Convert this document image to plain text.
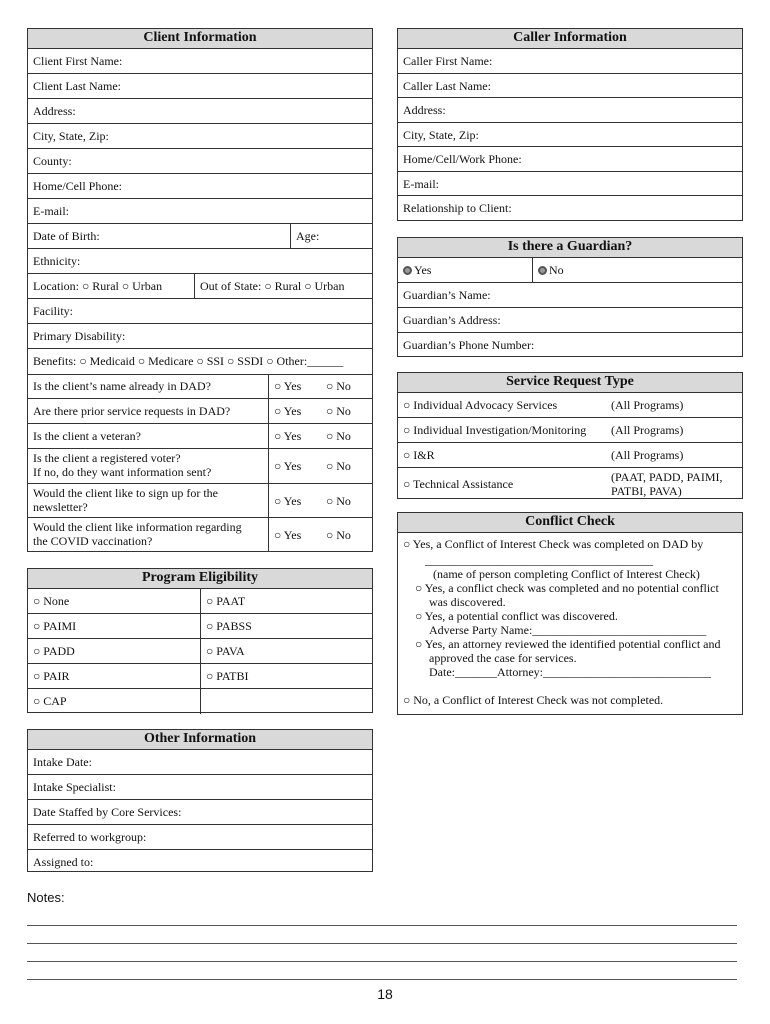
Client Information
Client First Name:
Client Last Name:
Address:
City, State, Zip:
County:
Home/Cell Phone:
E-mail:
Date of Birth:	Age:
Ethnicity:
Location: ○ Rural ○ Urban	Out of State: ○ Rural ○ Urban
Facility:
Primary Disability:
Benefits: ○ Medicaid ○ Medicare ○ SSI ○ SSDI ○ Other:______
Is the client’s name already in DAD?	○ Yes ○ No
Are there prior service requests in DAD?	○ Yes ○ No
Is the client a veteran?	○ Yes ○ No
Is the client a registered voter?
If no, do they want information sent?	○ Yes ○ No
Would the client like to sign up for the
newsletter?	○ Yes ○ No
Would the client like information regarding
the COVID vaccination?	○ Yes ○ No
Program Eligibility
○ None	○ PAAT
○ PAIMI	○ PABSS
○ PADD	○ PAVA
○ PAIR	○ PATBI
○ CAP
Other Information
Intake Date:
Intake Specialist:
Date Staffed by Core Services:
Referred to workgroup:
Assigned to:
Caller Information
Caller First Name:
Caller Last Name:
Address:
City, State, Zip:
Home/Cell/Work Phone:
E-mail:
Relationship to Client:
Is there a Guardian?
Yes	No
Guardian’s Name:
Guardian’s Address:
Guardian’s Phone Number:
Service Request Type
○ Individual Advocacy Services	(All Programs)
○ Individual Investigation/Monitoring (All Programs)
○ I&R	(All Programs)
○ Technical Assistance	(PAAT, PADD, PAIMI,
PATBI, PAVA)
Conflict Check

○ Yes, a Conflict of Interest Check was completed on DAD by

______________________________________

(name of person completing Conflict of Interest Check)

○ Yes, a conflict check was completed and no potential conflict

was discovered.

○ Yes, a potential conflict was discovered.

Adverse Party Name:_____________________________

○ Yes, an attorney reviewed the identified potential conflict and

approved the case for services.

Date:_______Attorney:____________________________

○ No, a Conflict of Interest Check was not completed.

Notes:
18
